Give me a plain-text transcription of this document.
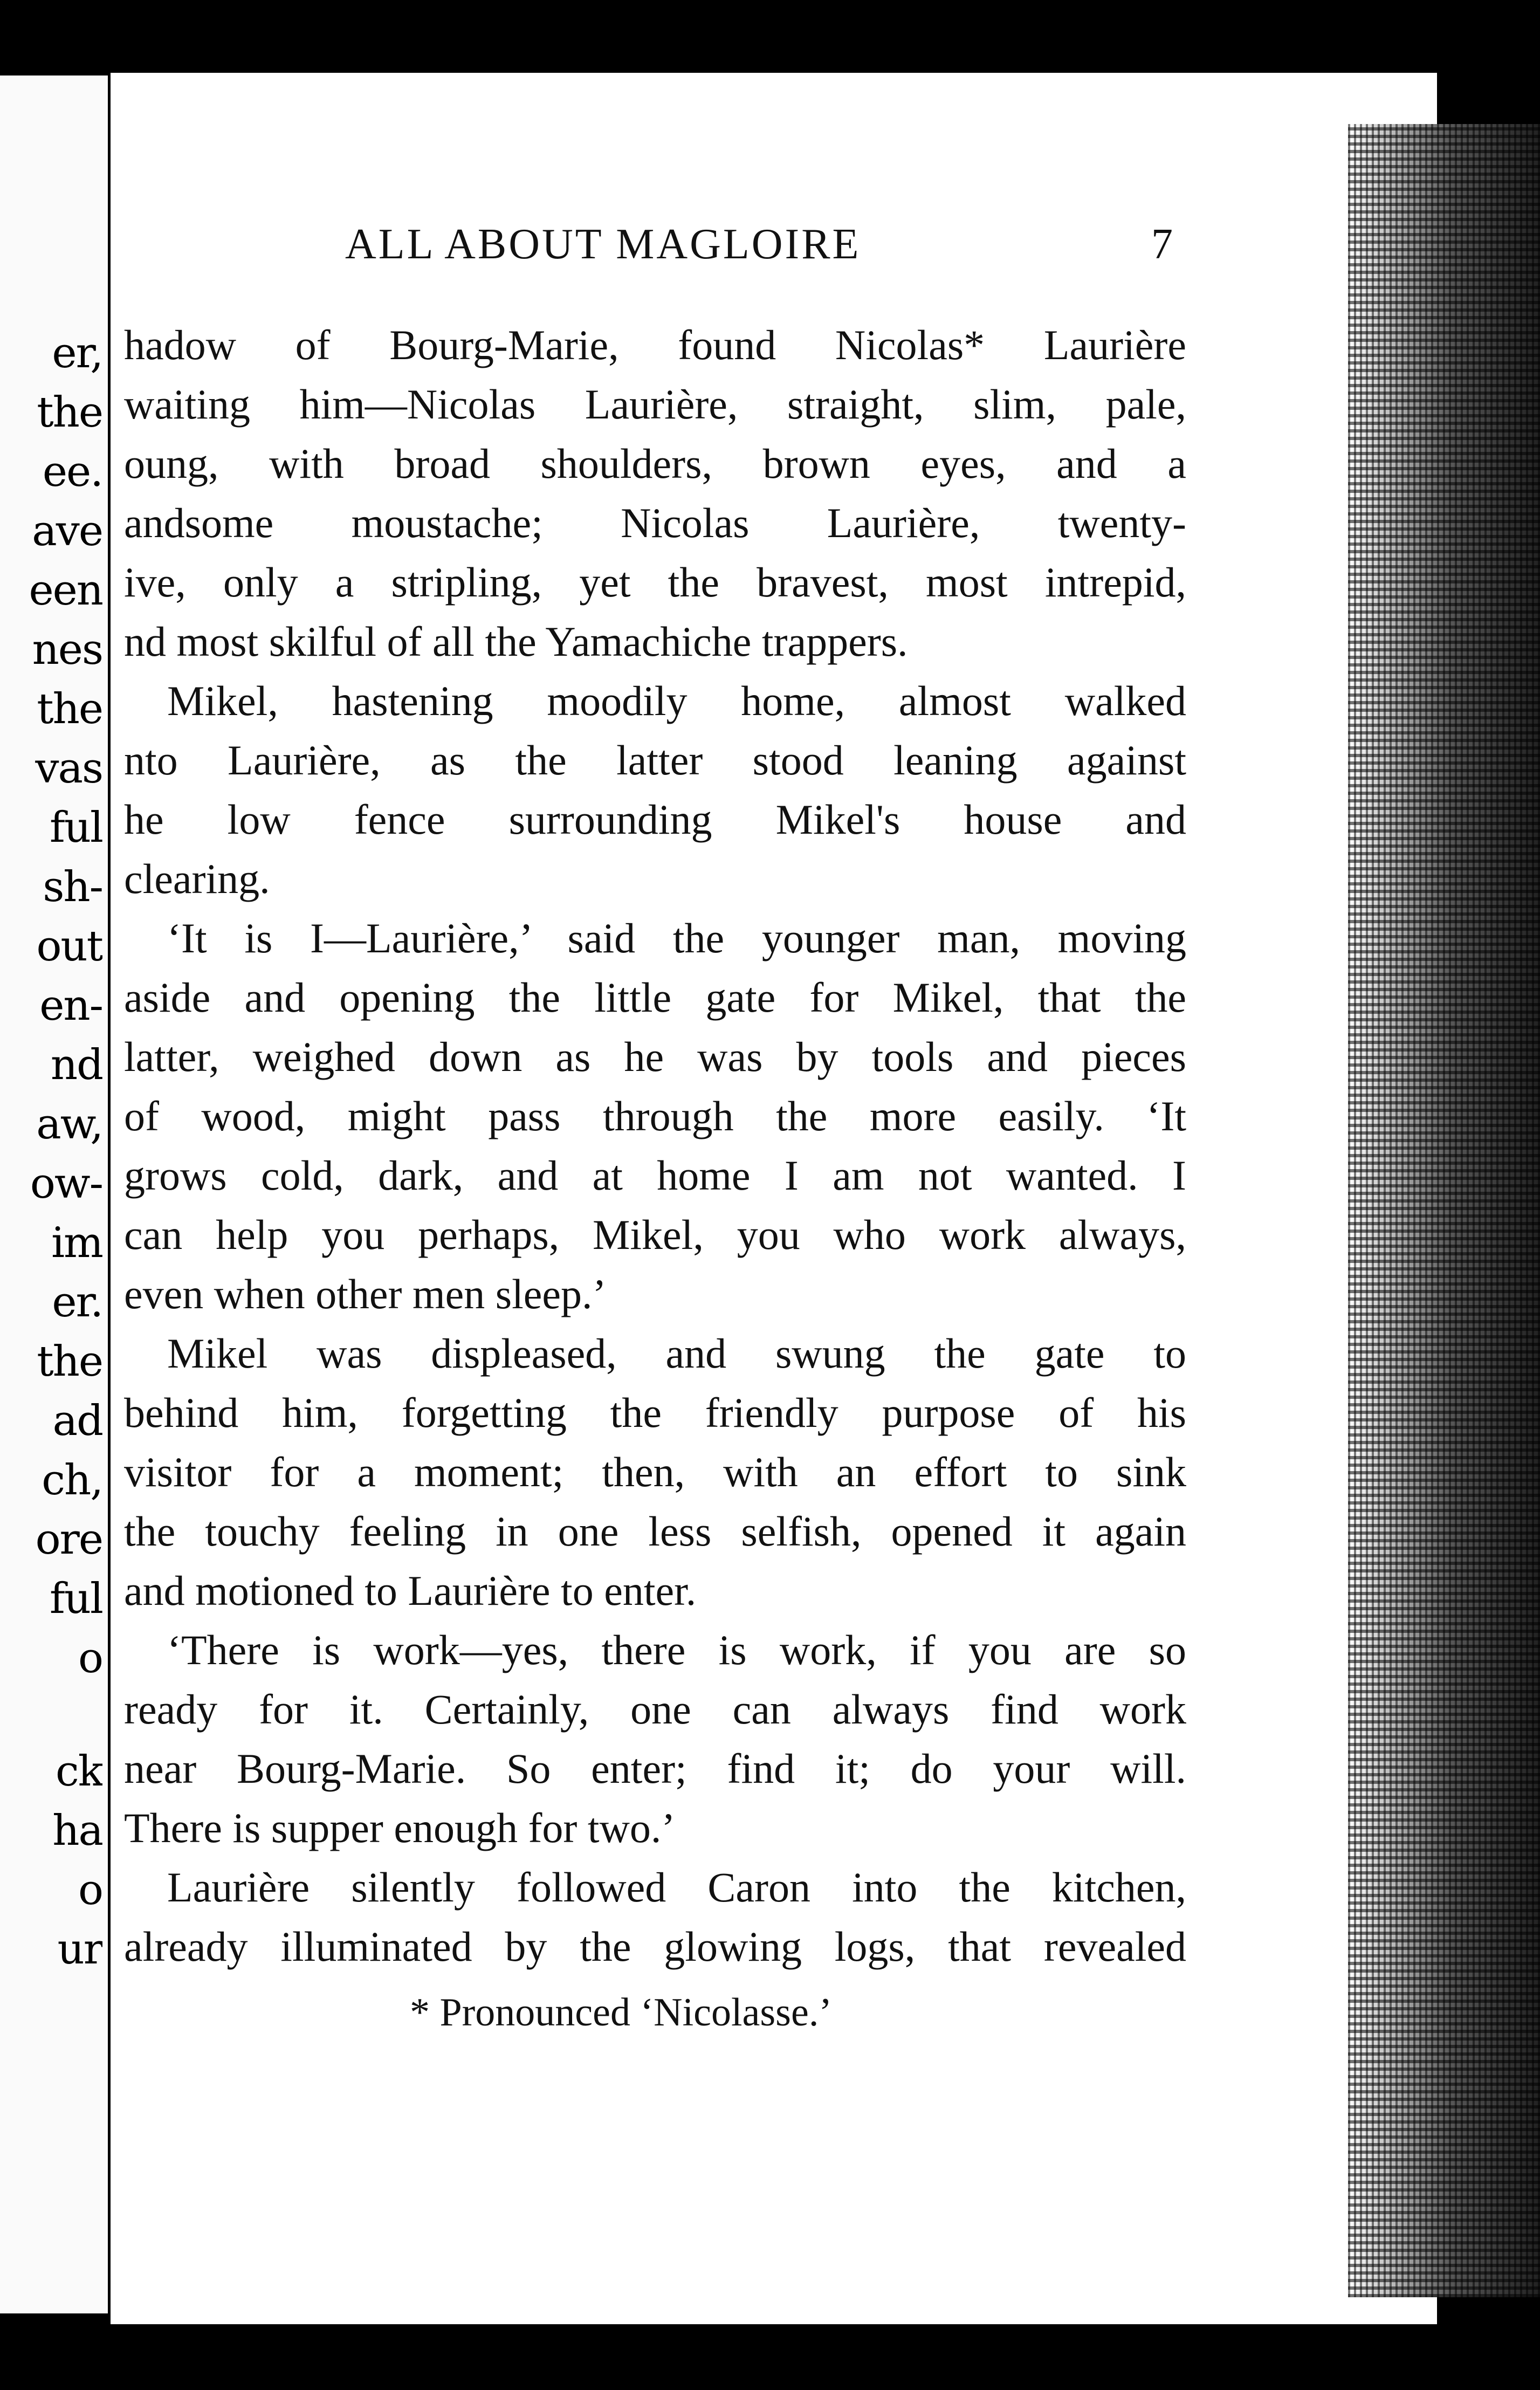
er,
the
ee.
ave
een
nes
the
vas
ful
sh-
out
en-
nd
aw,
ow-
im
er.
the
ad
ch,
ore
ful
o
ck
ha
o
ur
ALL ABOUT MAGLOIRE	7
hadow of Bourg-Marie, found Nicolas* Laurière
waiting him—Nicolas Laurière, straight, slim, pale,
oung, with broad shoulders, brown eyes, and a
andsome moustache; Nicolas Laurière, twenty-
ive, only a stripling, yet the bravest, most intrepid,
nd most skilful of all the Yamachiche trappers.
Mikel, hastening moodily home, almost walked
nto Laurière, as the latter stood leaning against
he low fence surrounding Mikel's house and
clearing.
‘It is I—Laurière,’ said the younger man, moving
aside and opening the little gate for Mikel, that the
latter, weighed down as he was by tools and pieces
of wood, might pass through the more easily. ‘It
grows cold, dark, and at home I am not wanted. I
can help you perhaps, Mikel, you who work always,
even when other men sleep.’
Mikel was displeased, and swung the gate to
behind him, forgetting the friendly purpose of his
visitor for a moment; then, with an effort to sink
the touchy feeling in one less selfish, opened it again
and motioned to Laurière to enter.
‘There is work—yes, there is work, if you are so
ready for it. Certainly, one can always find work
near Bourg-Marie. So enter; find it; do your will.
There is supper enough for two.’
Laurière silently followed Caron into the kitchen,
already illuminated by the glowing logs, that revealed
* Pronounced ‘Nicolasse.’
